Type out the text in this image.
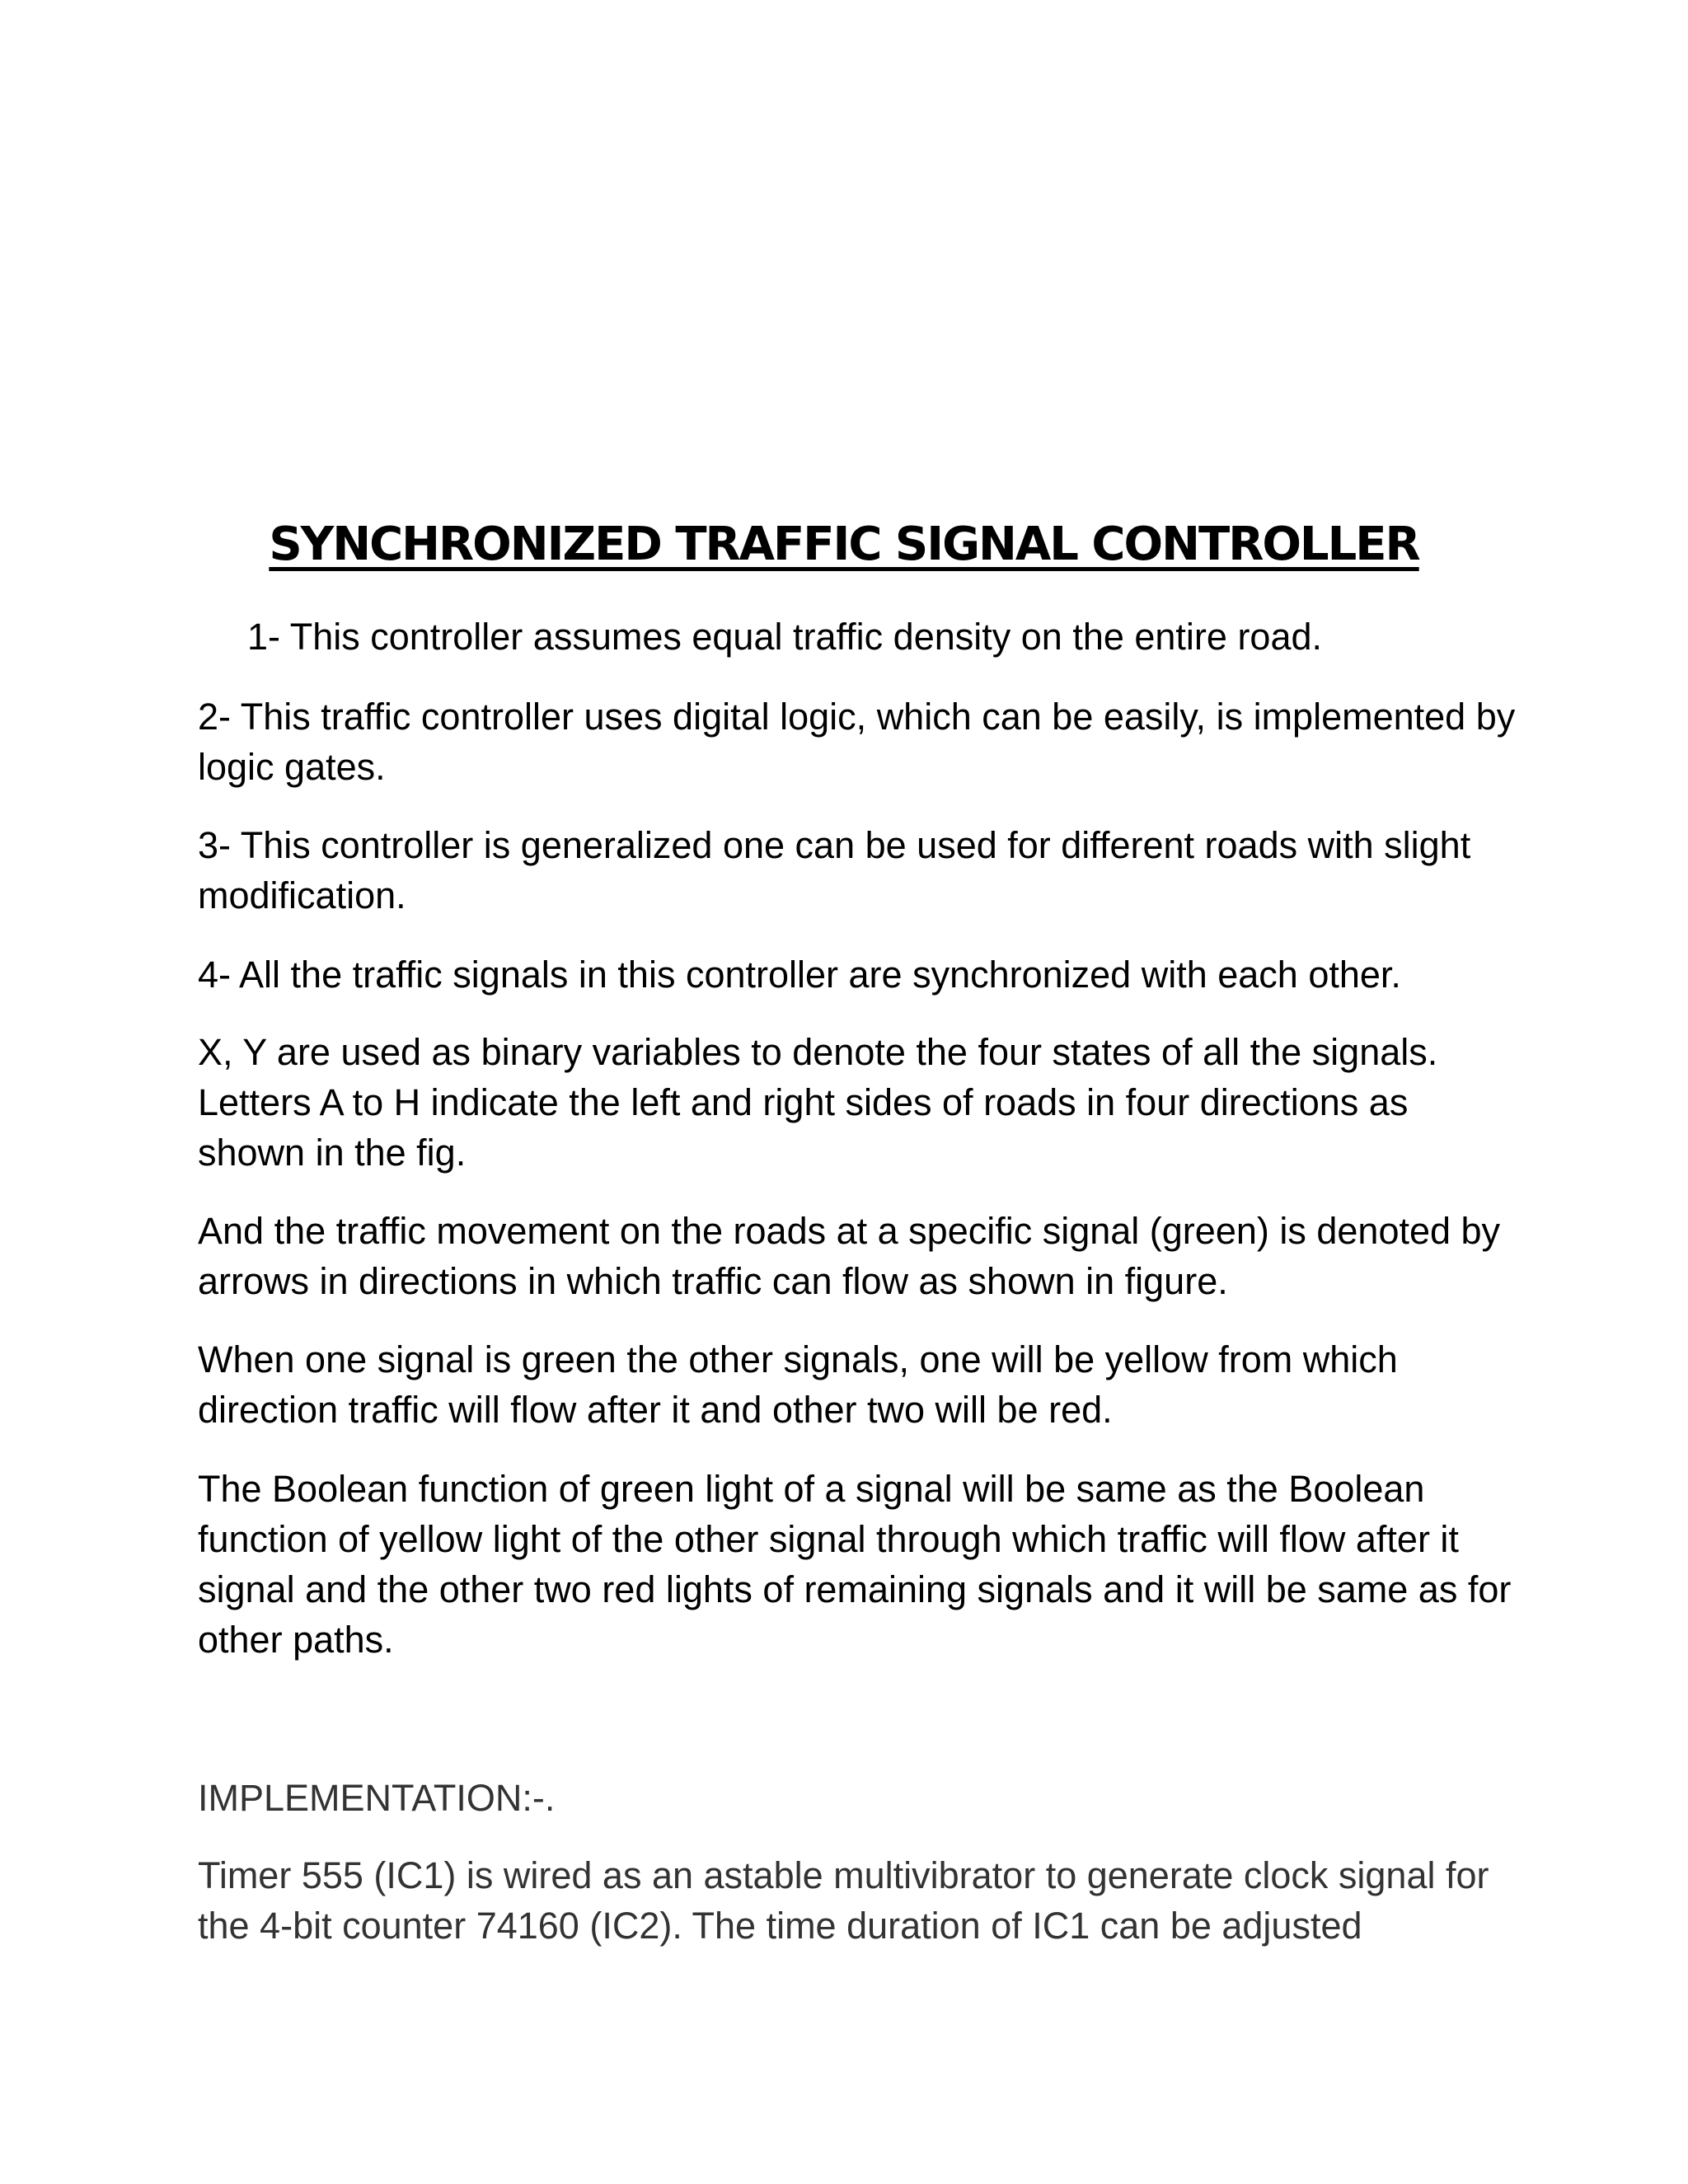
SYNCHRONIZED TRAFFIC SIGNAL CONTROLLER

1- This controller assumes equal traffic density on the entire road.

2- This traffic controller uses digital logic, which can be easily, is implemented by logic gates.

3- This controller is generalized one can be used for different roads with slight modification.

4- All the traffic signals in this controller are synchronized with each other.

X, Y are used as binary variables to denote the four states of all the signals. Letters A to H indicate the left and right sides of roads in four directions as shown in the fig.

And the traffic movement on the roads at a specific signal (green) is denoted by arrows in directions in which traffic can flow as shown in figure.

When one signal is green the other signals, one will be yellow from which direction traffic will flow after it and other two will be red.

The Boolean function of green light of a signal will be same as the Boolean function of yellow light of the other signal through which traffic will flow after it signal and the other two red lights of remaining signals and it will be same as for other paths.

IMPLEMENTATION:-.

Timer 555 (IC1) is wired as an astable multivibrator to generate clock signal for the 4-bit counter 74160 (IC2). The time duration of IC1 can be adjusted
